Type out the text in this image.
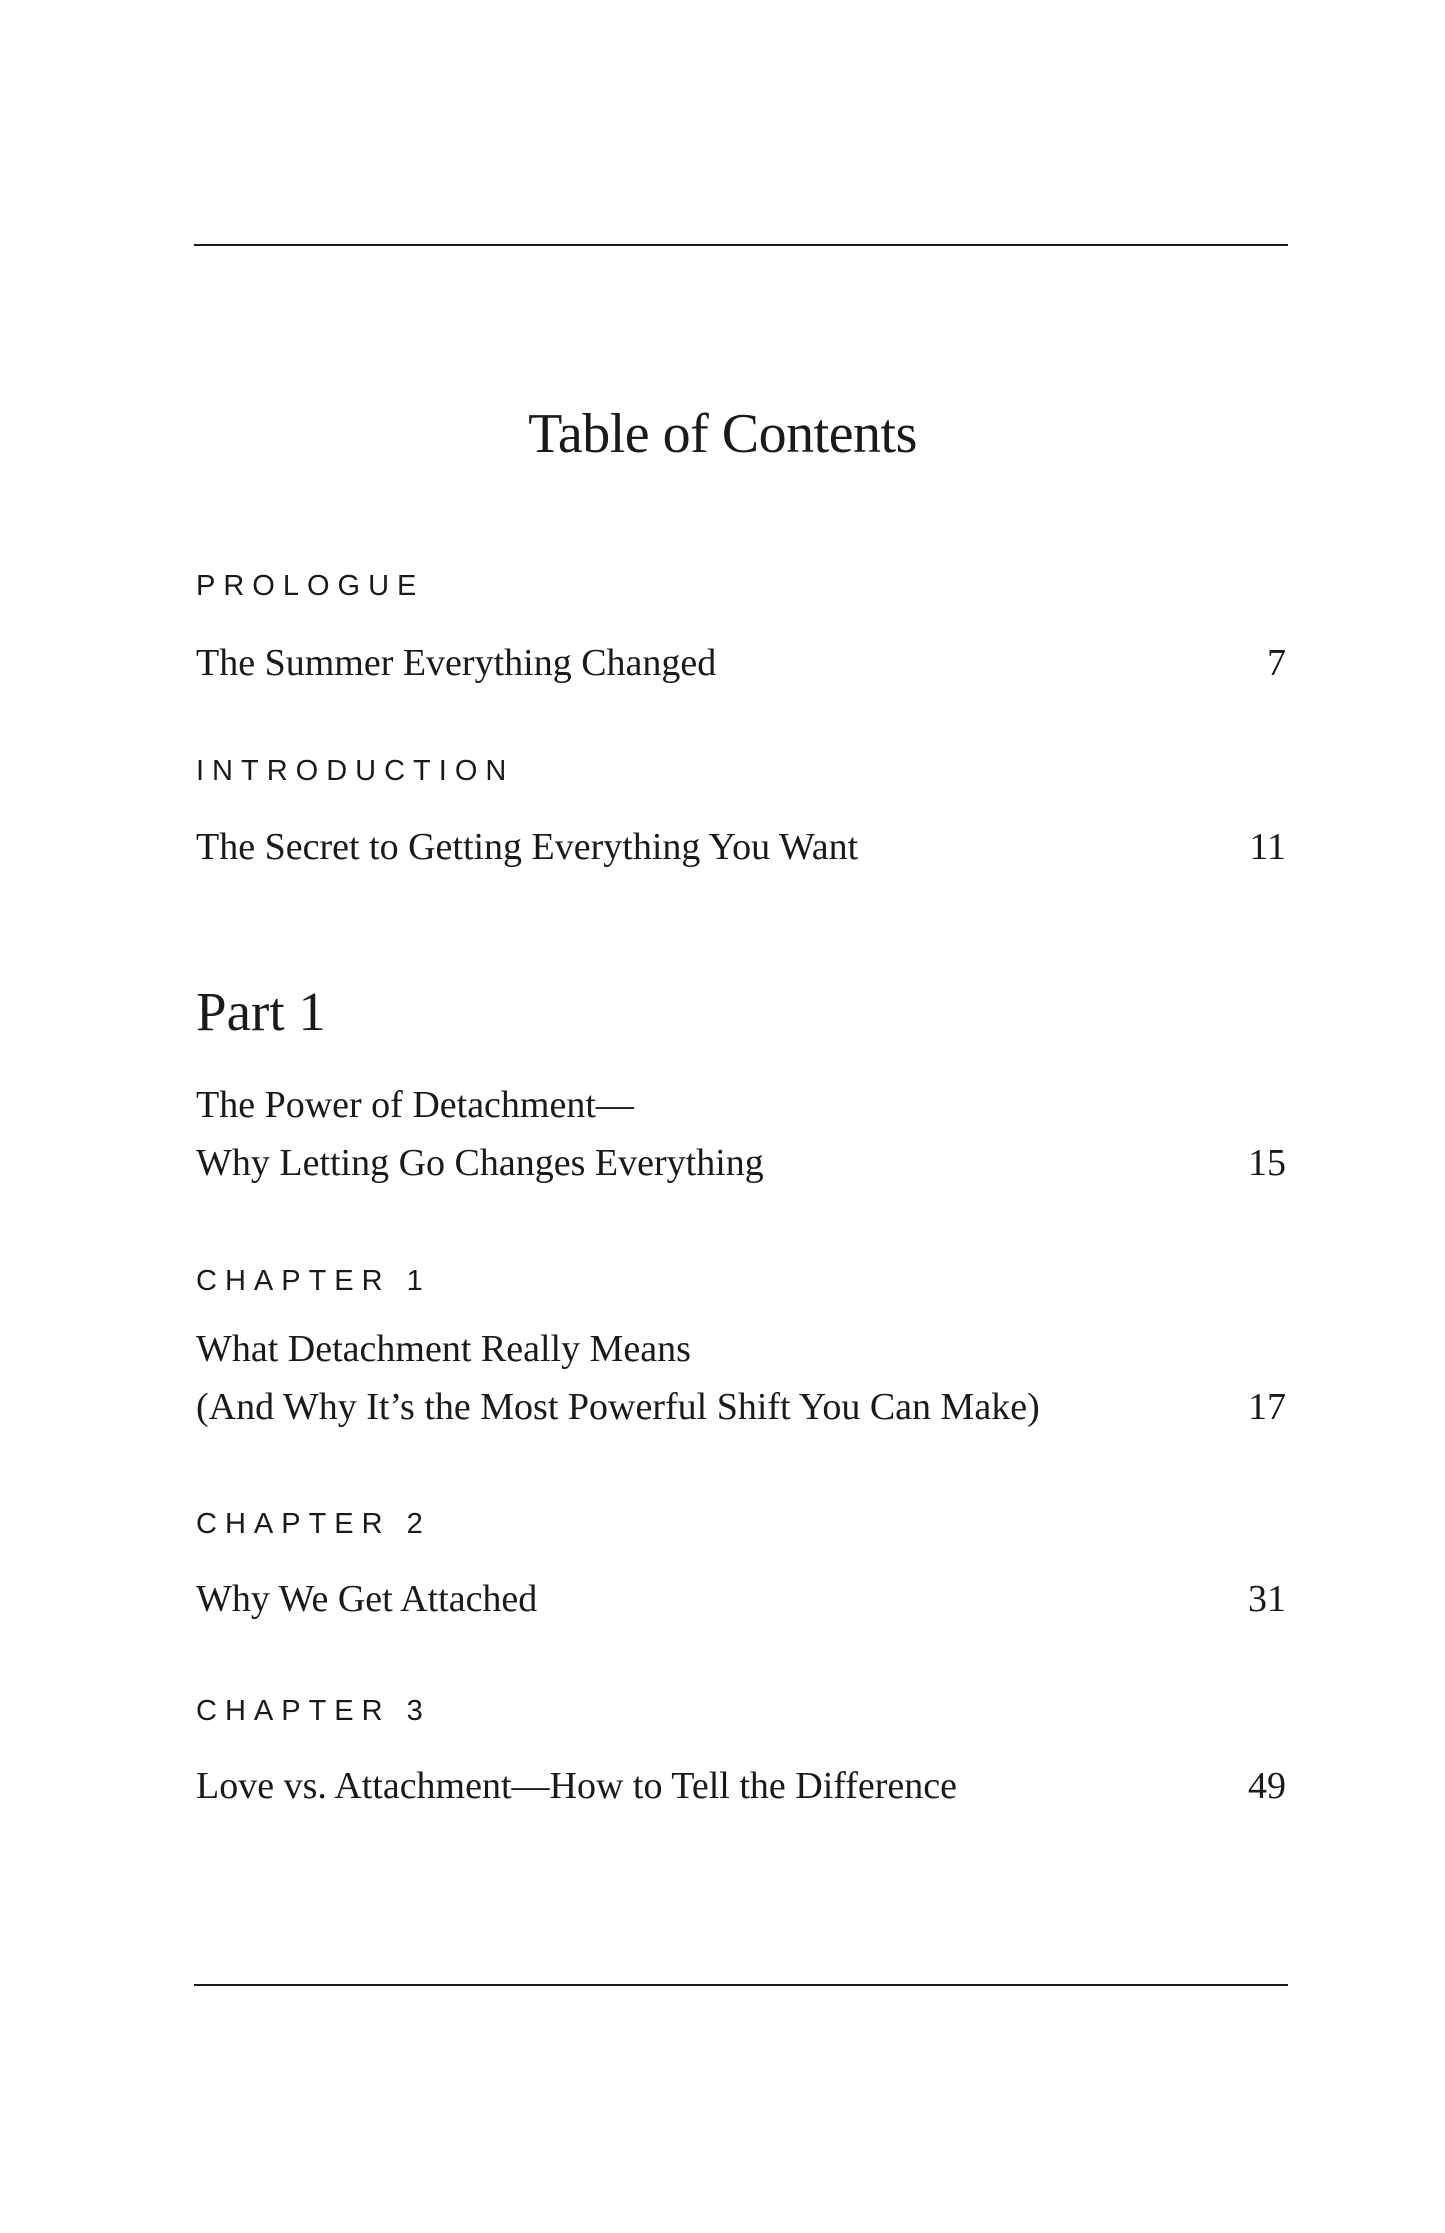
Table of Contents
PROLOGUE
The Summer Everything Changed	7
INTRODUCTION
The Secret to Getting Everything You Want	11
Part 1
The Power of Detachment—
Why Letting Go Changes Everything	15
CHAPTER 1
What Detachment Really Means
(And Why It’s the Most Powerful Shift You Can Make)	17
CHAPTER 2
Why We Get Attached	31
CHAPTER 3
Love vs. Attachment—How to Tell the Difference	49
